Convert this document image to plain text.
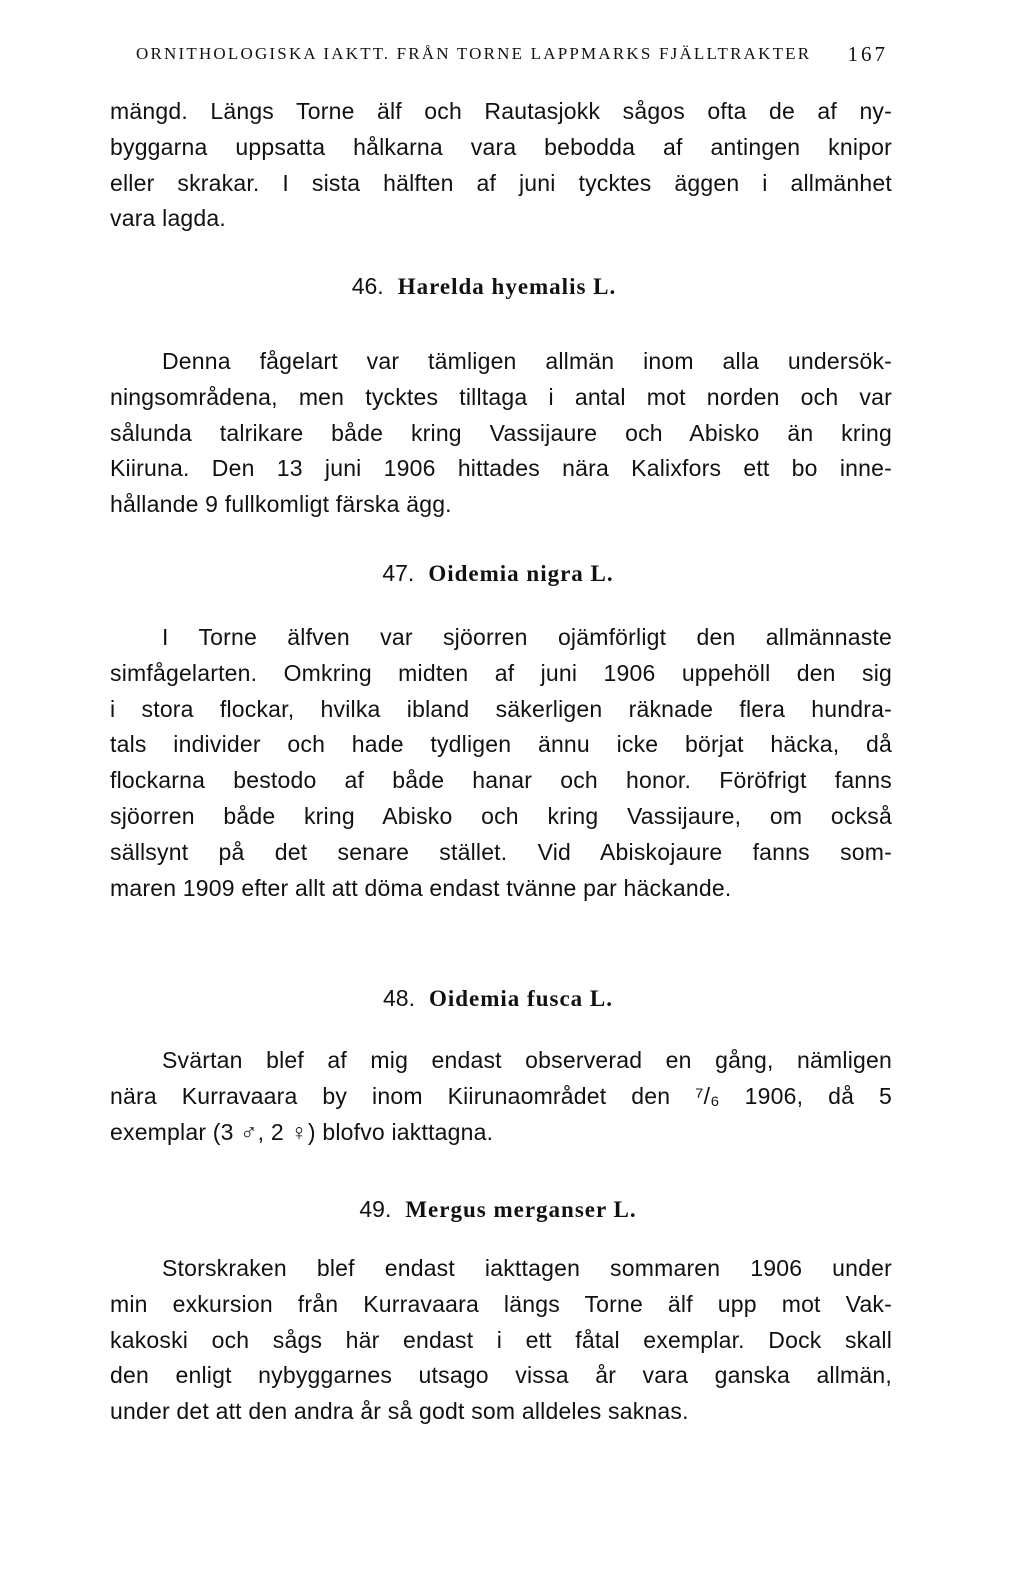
ORNITHOLOGISKA IAKТТ. FRÅN TORNE LAPPMARKS FJÄLLTRAKTER 167
mängd. Längs Torne älf och Rautasjokk sågos ofta de af ny-
byggarna uppsatta hålkarna vara bebodda af antingen knipor
eller skrakar. I sista hälften af juni tycktes äggen i allmänhet
vara lagda.
46. Harelda hyemalis L.
Denna fågelart var tämligen allmän inom alla undersök-
ningsområdena, men tycktes tilltaga i antal mot norden och var
sålunda talrikare både kring Vassijaure och Abisko än kring
Kiiruna. Den 13 juni 1906 hittades nära Kalixfors ett bo inne-
hållande 9 fullkomligt färska ägg.
47. Oidemia nigra L.
I Torne älfven var sjöorren ojämförligt den allmännaste
simfågelarten. Omkring midten af juni 1906 uppehöll den sig
i stora flockar, hvilka ibland säkerligen räknade flera hundra-
tals individer och hade tydligen ännu icke börjat häcka, då
flockarna bestodo af både hanar och honor. Föröfrigt fanns
sjöorren både kring Abisko och kring Vassijaure, om också
sällsynt på det senare stället. Vid Abiskojaure fanns som-
maren 1909 efter allt att döma endast tvänne par häckande.
48. Oidemia fusca L.
Svärtan blef af mig endast observerad en gång, nämligen
nära Kurravaara by inom Kiirunaområdet den ⁷/₆ 1906, då 5
exemplar (3 ♂, 2 ♀) blofvo iakttagna.
49. Mergus merganser L.
Storskraken blef endast iakttagen sommaren 1906 under
min exkursion från Kurravaara längs Torne älf upp mot Vak-
kakoski och sågs här endast i ett fåtal exemplar. Dock skall
den enligt nybyggarnes utsago vissa år vara ganska allmän,
under det att den andra år så godt som alldeles saknas.
